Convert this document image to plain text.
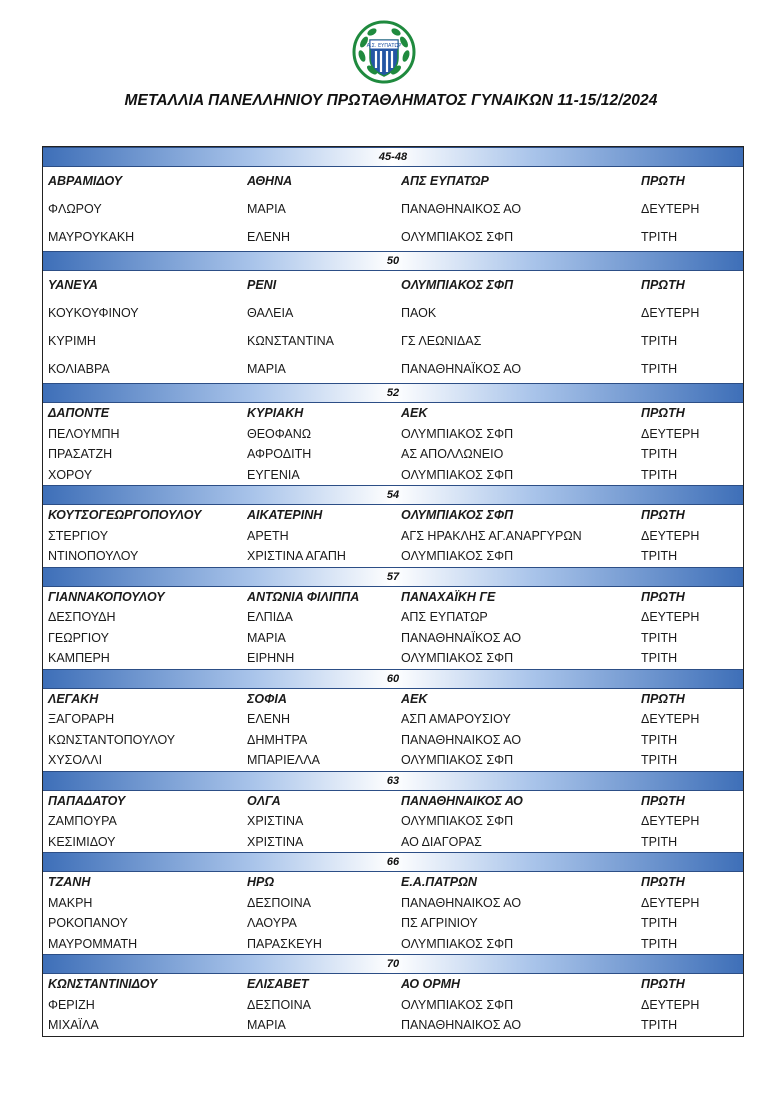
Α.Σ. ΕΥΠΑΤΩΡ
ΜΕΤΑΛΛΙΑ ΠΑΝΕΛΛΗΝΙΟΥ ΠΡΩΤΑΘΛΗΜΑΤΟΣ ΓΥΝΑΙΚΩΝ 11-15/12/2024
45-48
ΑΒΡΑΜΙΔΟΥ	ΑΘΗΝΑ	ΑΠΣ ΕΥΠΑΤΩΡ	ΠΡΩΤΗ
ΦΛΩΡΟΥ	ΜΑΡΙΑ	ΠΑΝΑΘΗΝΑΙΚΟΣ ΑΟ	ΔΕΥΤΕΡΗ
ΜΑΥΡΟΥΚΑΚΗ	ΕΛΕΝΗ	ΟΛΥΜΠΙΑΚΟΣ ΣΦΠ	ΤΡΙΤΗ
50
ΥΑΝΕΥΑ	ΡΕΝΙ	ΟΛΥΜΠΙΑΚΟΣ ΣΦΠ	ΠΡΩΤΗ
ΚΟΥΚΟΥΦΙΝΟΥ	ΘΑΛΕΙΑ	ΠΑΟΚ	ΔΕΥΤΕΡΗ
ΚΥΡΙΜΗ	ΚΩΝΣΤΑΝΤΙΝΑ	ΓΣ ΛΕΩΝΙΔΑΣ	ΤΡΙΤΗ
ΚΟΛΙΑΒΡΑ	ΜΑΡΙΑ	ΠΑΝΑΘΗΝΑΪΚΟΣ ΑΟ	ΤΡΙΤΗ
52
ΔΑΠΟΝΤΕ	ΚΥΡΙΑΚΗ	ΑΕΚ	ΠΡΩΤΗ
ΠΕΛΟΥΜΠΗ	ΘΕΟΦΑΝΩ	ΟΛΥΜΠΙΑΚΟΣ ΣΦΠ	ΔΕΥΤΕΡΗ
ΠΡΑΣΑΤΖΗ	ΑΦΡΟΔΙΤΗ	ΑΣ ΑΠΟΛΛΩΝΕΙΟ	ΤΡΙΤΗ
ΧΟΡΟΥ	ΕΥΓΕΝΙΑ	ΟΛΥΜΠΙΑΚΟΣ ΣΦΠ	ΤΡΙΤΗ
54
ΚΟΥΤΣΟΓΕΩΡΓΟΠΟΥΛΟΥ	ΑΙΚΑΤΕΡΙΝΗ	ΟΛΥΜΠΙΑΚΟΣ ΣΦΠ	ΠΡΩΤΗ
ΣΤΕΡΓΙΟΥ	ΑΡΕΤΗ	ΑΓΣ ΗΡΑΚΛΗΣ ΑΓ.ΑΝΑΡΓΥΡΩΝ	ΔΕΥΤΕΡΗ
ΝΤΙΝΟΠΟΥΛΟΥ	ΧΡΙΣΤΙΝΑ ΑΓΑΠΗ	ΟΛΥΜΠΙΑΚΟΣ ΣΦΠ	ΤΡΙΤΗ
57
ΓΙΑΝΝΑΚΟΠΟΥΛΟΥ	ΑΝΤΩΝΙΑ ΦΙΛΙΠΠΑ	ΠΑΝΑΧΑΪΚΗ ΓΕ	ΠΡΩΤΗ
ΔΕΣΠΟΥΔΗ	ΕΛΠΙΔΑ	ΑΠΣ ΕΥΠΑΤΩΡ	ΔΕΥΤΕΡΗ
ΓΕΩΡΓΙΟΥ	ΜΑΡΙΑ	ΠΑΝΑΘΗΝΑΪΚΟΣ ΑΟ	ΤΡΙΤΗ
ΚΑΜΠΕΡΗ	ΕΙΡΗΝΗ	ΟΛΥΜΠΙΑΚΟΣ ΣΦΠ	ΤΡΙΤΗ
60
ΛΕΓΑΚΗ	ΣΟΦΙΑ	ΑΕΚ	ΠΡΩΤΗ
ΞΑΓΟΡΑΡΗ	ΕΛΕΝΗ	ΑΣΠ ΑΜΑΡΟΥΣΙΟΥ	ΔΕΥΤΕΡΗ
ΚΩΝΣΤΑΝΤΟΠΟΥΛΟΥ	ΔΗΜΗΤΡΑ	ΠΑΝΑΘΗΝΑΙΚΟΣ ΑΟ	ΤΡΙΤΗ
ΧΥΣΟΛΛΙ	ΜΠΑΡΙΕΛΛΑ	ΟΛΥΜΠΙΑΚΟΣ ΣΦΠ	ΤΡΙΤΗ
63
ΠΑΠΑΔΑΤΟΥ	ΟΛΓΑ	ΠΑΝΑΘΗΝΑΙΚΟΣ ΑΟ	ΠΡΩΤΗ
ΖΑΜΠΟΥΡΑ	ΧΡΙΣΤΙΝΑ	ΟΛΥΜΠΙΑΚΟΣ ΣΦΠ	ΔΕΥΤΕΡΗ
ΚΕΣΙΜΙΔΟΥ	ΧΡΙΣΤΙΝΑ	ΑΟ ΔΙΑΓΟΡΑΣ	ΤΡΙΤΗ
66
ΤΖΑΝΗ	ΗΡΩ	Ε.Α.ΠΑΤΡΩΝ	ΠΡΩΤΗ
ΜΑΚΡΗ	ΔΕΣΠΟΙΝΑ	ΠΑΝΑΘΗΝΑΙΚΟΣ ΑΟ	ΔΕΥΤΕΡΗ
ΡΟΚΟΠΑΝΟΥ	ΛΑΟΥΡΑ	ΠΣ ΑΓΡΙΝΙΟΥ	ΤΡΙΤΗ
ΜΑΥΡΟΜΜΑΤΗ	ΠΑΡΑΣΚΕΥΗ	ΟΛΥΜΠΙΑΚΟΣ ΣΦΠ	ΤΡΙΤΗ
70
ΚΩΝΣΤΑΝΤΙΝΙΔΟΥ	ΕΛΙΣΑΒΕΤ	ΑΟ ΟΡΜΗ	ΠΡΩΤΗ
ΦΕΡΙΖΗ	ΔΕΣΠΟΙΝΑ	ΟΛΥΜΠΙΑΚΟΣ ΣΦΠ	ΔΕΥΤΕΡΗ
ΜΙΧΑΪΛΑ	ΜΑΡΙΑ	ΠΑΝΑΘΗΝΑΙΚΟΣ ΑΟ	ΤΡΙΤΗ
